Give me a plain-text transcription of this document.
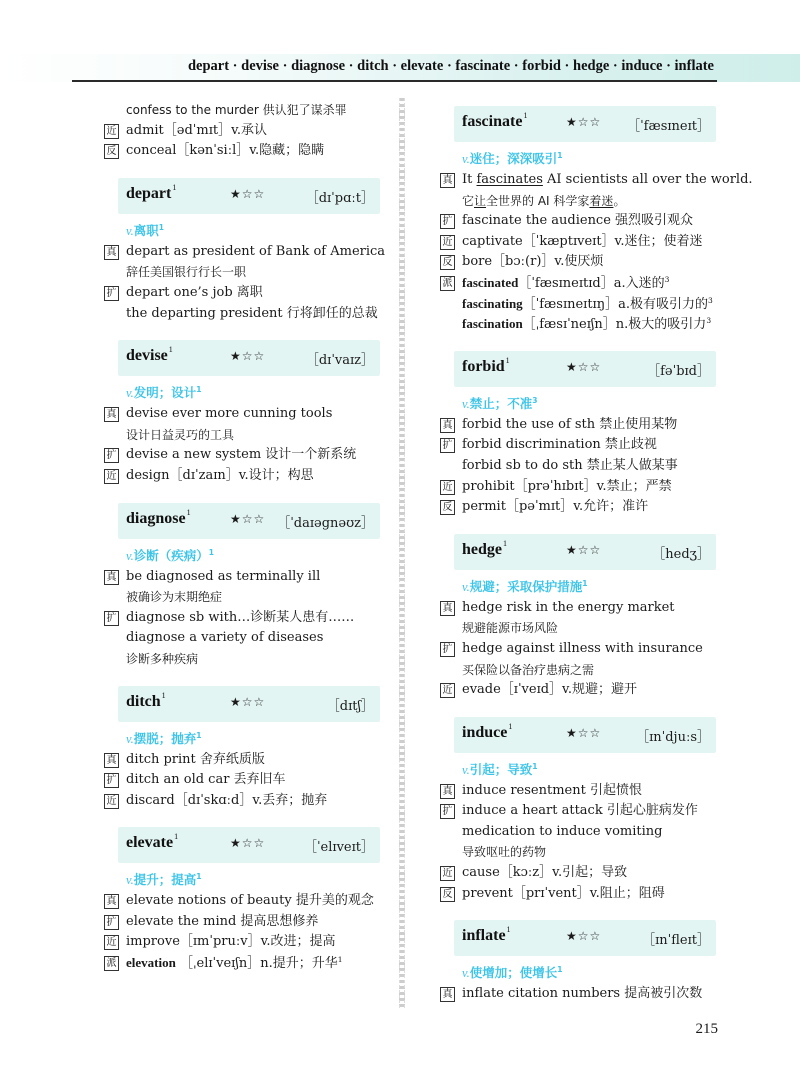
depart · devise · diagnose · ditch · elevate · fascinate · forbid · hedge · induce · inflate
confess to the murder 供认犯了谋杀罪
近 admit［ədˈmɪt］v.承认
反 conceal［kənˈsiːl］v.隐藏；隐瞒
depart$^1$	★☆☆	［dɪˈpɑːt］
v.离职$^1$
真 depart as president of Bank of America
辞任美国银行行长一职
扩 depart one’s job 离职
the departing president 行将卸任的总裁
devise$^1$	★☆☆	［dɪˈvaɪz］
v.发明；设计$^1$
真 devise ever more cunning tools
设计日益灵巧的工具
扩 devise a new system 设计一个新系统
近 design［dɪˈzaɪn］v.设计；构思
diagnose$^1$	★☆☆ ［ˈdaɪəgnəʊz］
v.诊断（疾病）$^1$
真 be diagnosed as terminally ill
被确诊为末期绝症
扩 diagnose sb with…诊断某人患有……
diagnose a variety of diseases
诊断多种疾病
ditch$^1$	★☆☆	［dɪtʃ］
v.摆脱；抛弃$^1$
真 ditch print 舍弃纸质版
扩 ditch an old car 丢弃旧车
近 discard［dɪˈskɑːd］v.丢弃；抛弃
elevate$^1$	★☆☆	［ˈelɪveɪt］
v.提升；提高$^1$
真 elevate notions of beauty 提升美的观念
扩 elevate the mind 提高思想修养
近 improve［ɪmˈpruːv］v.改进；提高
派 elevation ［ˌelɪˈveɪʃn］n.提升；升华$^1$
fascinate$^1$	★☆☆ ［ˈfæsɪneɪt］
v.迷住；深深吸引$^1$
真 It fascinates AI scientists all over the world.
它让全世界的 AI 科学家着迷。
扩 fascinate the audience 强烈吸引观众
近 captivate［ˈkæptɪveɪt］v.迷住；使着迷
反 bore［bɔː(r)］v.使厌烦
派 fascinated［ˈfæsɪneɪtɪd］a.入迷的$^3$
fascinating［ˈfæsɪneɪtɪŋ］a.极有吸引力的$^3$
fascination［ˌfæsɪˈneɪʃn］n.极大的吸引力$^3$
forbid$^1$	★☆☆	［fəˈbɪd］
v.禁止；不准$^3$
真 forbid the use of sth 禁止使用某物
扩 forbid discrimination 禁止歧视
forbid sb to do sth 禁止某人做某事
近 prohibit［prəˈhɪbɪt］v.禁止；严禁
反 permit［pəˈmɪt］v.允许；准许
hedge$^1$	★☆☆	［hedʒ］
v.规避；采取保护措施$^1$
真 hedge risk in the energy market
规避能源市场风险
扩 hedge against illness with insurance
买保险以备治疗患病之需
近 evade［ɪˈveɪd］v.规避；避开
induce$^1$	★☆☆	［ɪnˈdjuːs］
v.引起；导致$^1$
真 induce resentment 引起愤恨
扩 induce a heart attack 引起心脏病发作
medication to induce vomiting
导致呕吐的药物
近 cause［kɔːz］v.引起；导致
反 prevent［prɪˈvent］v.阻止；阻碍
inflate$^1$	★☆☆	［ɪnˈfleɪt］
v.使增加；使增长$^1$
真 inflate citation numbers 提高被引次数
215
